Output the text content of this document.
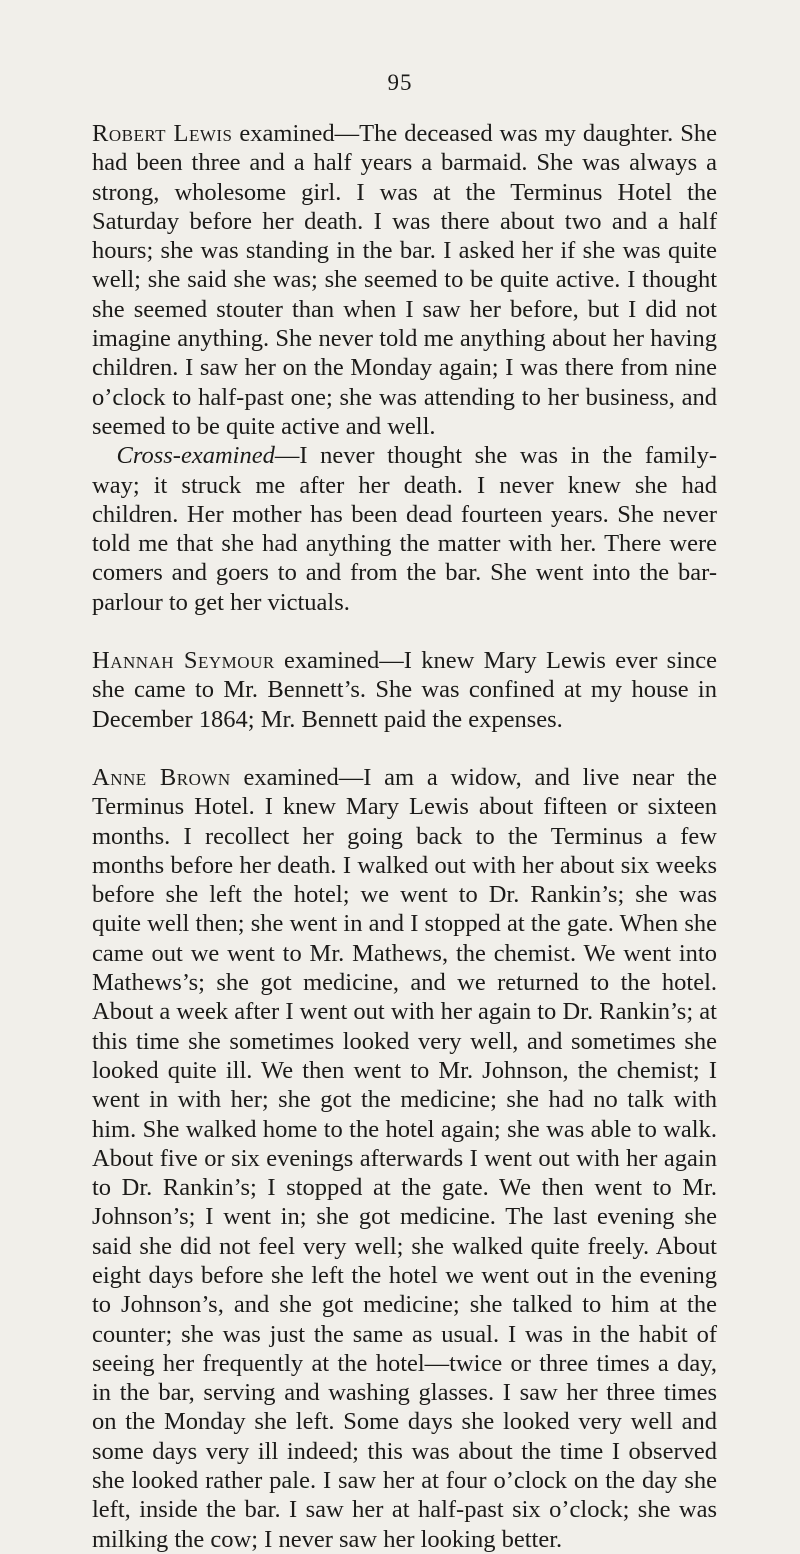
95

Robert Lewis examined—The deceased was my daughter. She had been three and a half years a barmaid. She was always a strong, wholesome girl. I was at the Terminus Hotel the Saturday before her death. I was there about two and a half hours; she was standing in the bar. I asked her if she was quite well; she said she was; she seemed to be quite active. I thought she seemed stouter than when I saw her before, but I did not imagine anything. She never told me anything about her having children. I saw her on the Monday again; I was there from nine o’clock to half-past one; she was attending to her business, and seemed to be quite active and well.

 Cross-examined—I never thought she was in the family-way; it struck me after her death. I never knew she had children. Her mother has been dead fourteen years. She never told me that she had anything the matter with her. There were comers and goers to and from the bar. She went into the bar-parlour to get her victuals.

Hannah Seymour examined—I knew Mary Lewis ever since she came to Mr. Bennett’s. She was confined at my house in December 1864; Mr. Bennett paid the expenses.

Anne Brown examined—I am a widow, and live near the Terminus Hotel. I knew Mary Lewis about fifteen or sixteen months. I recollect her going back to the Terminus a few months before her death. I walked out with her about six weeks before she left the hotel; we went to Dr. Rankin’s; she was quite well then; she went in and I stopped at the gate. When she came out we went to Mr. Mathews, the chemist. We went into Mathews’s; she got medicine, and we returned to the hotel. About a week after I went out with her again to Dr. Rankin’s; at this time she sometimes looked very well, and sometimes she looked quite ill. We then went to Mr. Johnson, the chemist; I went in with her; she got the medicine; she had no talk with him. She walked home to the hotel again; she was able to walk. About five or six evenings afterwards I went out with her again to Dr. Rankin’s; I stopped at the gate. We then went to Mr. Johnson’s; I went in; she got medicine. The last evening she said she did not feel very well; she walked quite freely. About eight days before she left the hotel we went out in the evening to Johnson’s, and she got medicine; she talked to him at the counter; she was just the same as usual. I was in the habit of seeing her frequently at the hotel—twice or three times a day, in the bar, serving and washing glasses. I saw her three times on the Monday she left. Some days she looked very well and some days very ill indeed; this was about the time I observed she looked rather pale. I saw her at four o’clock on the day she left, inside the bar. I saw her at half-past six o’clock; she was milking the cow; I never saw her looking better.
